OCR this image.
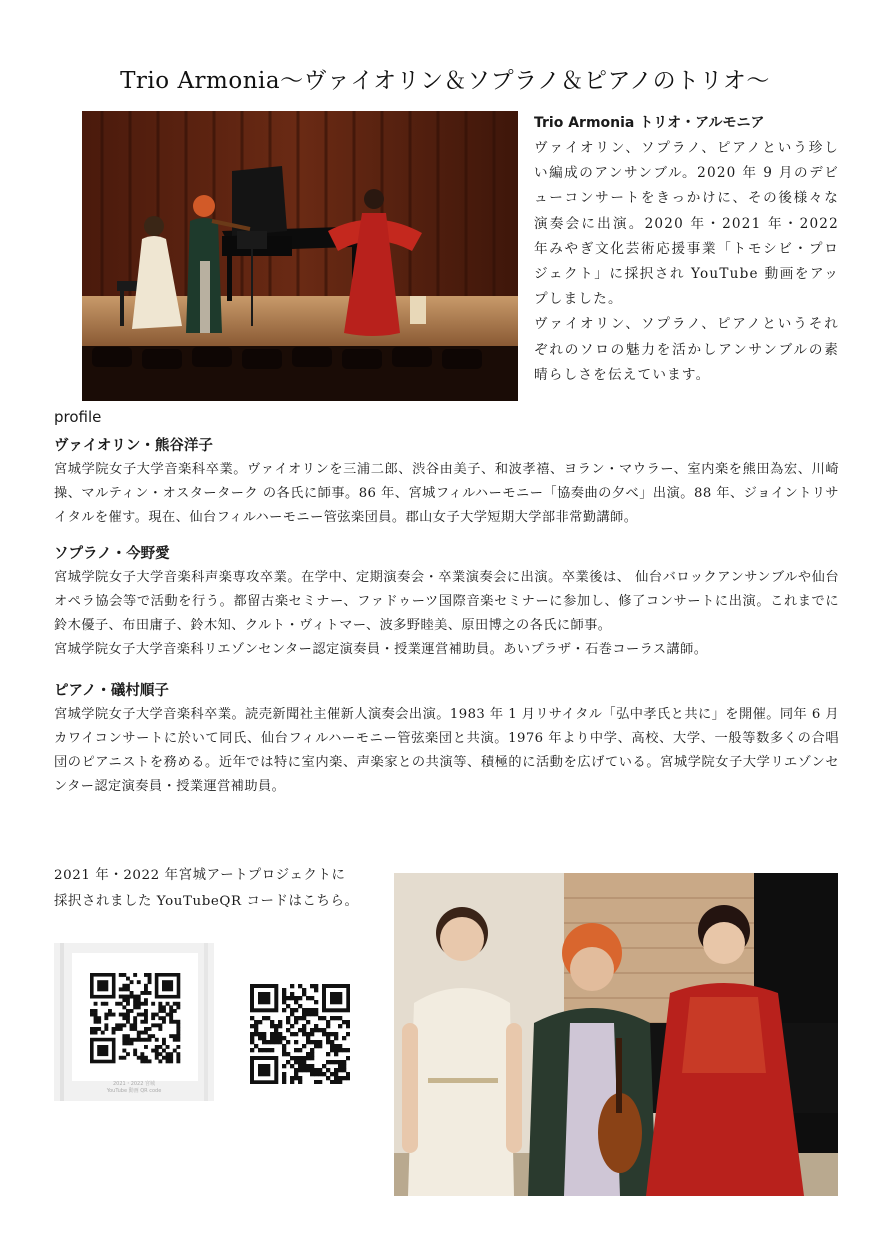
Trio Armonia～ヴァイオリン＆ソプラノ＆ピアノのトリオ～
Trio Armonia トリオ・アルモニア

ヴァイオリン、ソプラノ、ピアノという珍しい編成のアンサンブル。2020 年 9 月のデビューコンサートをきっかけに、その後様々な演奏会に出演。2020 年・2021 年・2022 年みやぎ文化芸術応援事業「トモシビ・プロジェクト」に採択され YouTube 動画をアップしました。

ヴァイオリン、ソプラノ、ピアノというそれぞれのソロの魅力を活かしアンサンブルの素晴らしさを伝えています。

profile
ヴァイオリン・熊谷洋子

宮城学院女子大学音楽科卒業。ヴァイオリンを三浦二郎、渋谷由美子、和波孝禧、ヨラン・マウラー、室内楽を熊田為宏、川崎操、マルティン・オスターターク の各氏に師事。86 年、宮城フィルハーモニー「協奏曲の夕べ」出演。88 年、ジョイントリサイタルを催す。現在、仙台フィルハーモニー管弦楽団員。郡山女子大学短期大学部非常勤講師。

ソプラノ・今野愛

宮城学院女子大学音楽科声楽専攻卒業。在学中、定期演奏会・卒業演奏会に出演。卒業後は、 仙台バロックアンサンブルや仙台オペラ協会等で活動を行う。都留古楽セミナー、ファドゥーツ国際音楽セミナーに参加し、修了コンサートに出演。これまでに鈴木優子、布田庸子、鈴木知、クルト・ヴィトマー、波多野睦美、原田博之の各氏に師事。

宮城学院女子大学音楽科リエゾンセンター認定演奏員・授業運営補助員。あいプラザ・石巻コーラス講師。

ピアノ・礒村順子

宮城学院女子大学音楽科卒業。読売新聞社主催新人演奏会出演。1983 年 1 月リサイタル「弘中孝氏と共に」を開催。同年 6 月カワイコンサートに於いて同氏、仙台フィルハーモニー管弦楽団と共演。1976 年より中学、高校、大学、一般等数多くの合唱団のピアニストを務める。近年では特に室内楽、声楽家との共演等、積極的に活動を広げている。宮城学院女子大学リエゾンセンター認定演奏員・授業運営補助員。

2021 年・2022 年宮城アートプロジェクトに

採択されました YouTubeQR コードはこちら。

2021・2022 宮城
YouTube 動画 QR code
